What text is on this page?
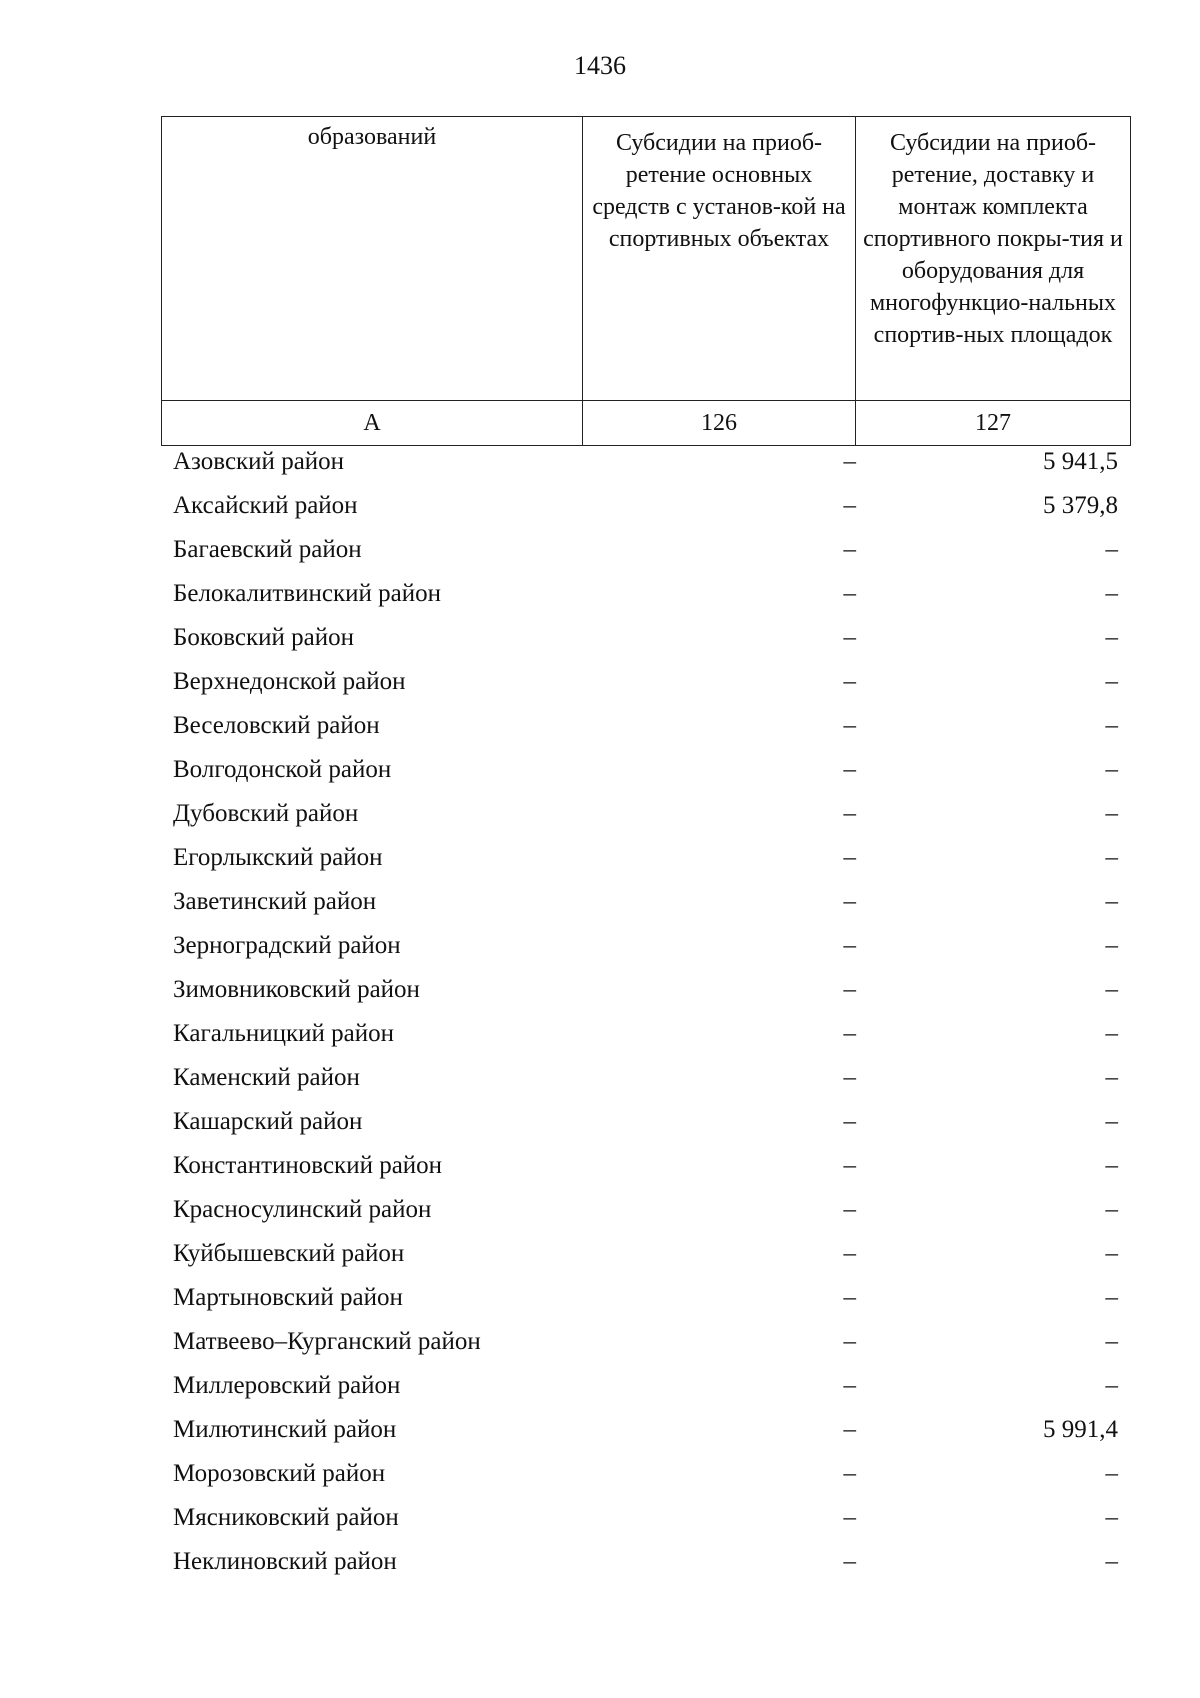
1436
образований	Субсидии на приоб-ретение основных средств с установ-кой на спортивных объектах	Субсидии на приоб-ретение, доставку и монтаж комплекта спортивного покры-тия и оборудования для многофункцио-нальных спортив-ных площадок

А	126	127
Азовский район	–	5 941,5
Аксайский район	–	5 379,8
Багаевский район	–	–
Белокалитвинский район	–	–
Боковский район	–	–
Верхнедонской район	–	–
Веселовский район	–	–
Волгодонской район	–	–
Дубовский район	–	–
Егорлыкский район	–	–
Заветинский район	–	–
Зерноградский район	–	–
Зимовниковский район	–	–
Кагальницкий район	–	–
Каменский район	–	–
Кашарский район	–	–
Константиновский район	–	–
Красносулинский район	–	–
Куйбышевский район	–	–
Мартыновский район	–	–
Матвеево–Курганский район	–	–
Миллеровский район	–	–
Милютинский район	–	5 991,4
Морозовский район	–	–
Мясниковский район	–	–
Неклиновский район	–	–
